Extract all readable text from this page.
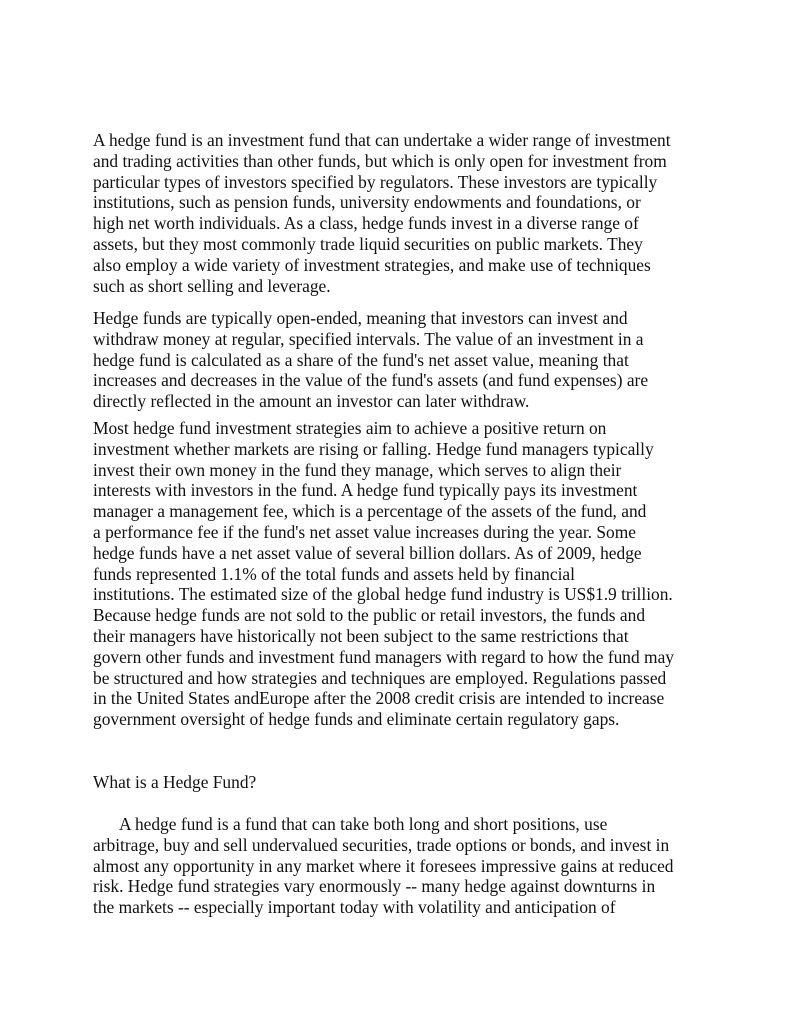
A hedge fund is an investment fund that can undertake a wider range of investment
and trading activities than other funds, but which is only open for investment from
particular types of investors specified by regulators. These investors are typically
institutions, such as pension funds, university endowments and foundations, or
high net worth individuals. As a class, hedge funds invest in a diverse range of
assets, but they most commonly trade liquid securities on public markets. They
also employ a wide variety of investment strategies, and make use of techniques
such as short selling and leverage.
Hedge funds are typically open-ended, meaning that investors can invest and
withdraw money at regular, specified intervals. The value of an investment in a
hedge fund is calculated as a share of the fund's net asset value, meaning that
increases and decreases in the value of the fund's assets (and fund expenses) are
directly reflected in the amount an investor can later withdraw.
Most hedge fund investment strategies aim to achieve a positive return on
investment whether markets are rising or falling. Hedge fund managers typically
invest their own money in the fund they manage, which serves to align their
interests with investors in the fund. A hedge fund typically pays its investment
manager a management fee, which is a percentage of the assets of the fund, and
a performance fee if the fund's net asset value increases during the year. Some
hedge funds have a net asset value of several billion dollars. As of 2009, hedge
funds represented 1.1% of the total funds and assets held by financial
institutions. The estimated size of the global hedge fund industry is US$1.9 trillion.
Because hedge funds are not sold to the public or retail investors, the funds and
their managers have historically not been subject to the same restrictions that
govern other funds and investment fund managers with regard to how the fund may
be structured and how strategies and techniques are employed. Regulations passed
in the United States andEurope after the 2008 credit crisis are intended to increase
government oversight of hedge funds and eliminate certain regulatory gaps.
What is a Hedge Fund?
A hedge fund is a fund that can take both long and short positions, use
arbitrage, buy and sell undervalued securities, trade options or bonds, and invest in
almost any opportunity in any market where it foresees impressive gains at reduced
risk. Hedge fund strategies vary enormously -- many hedge against downturns in
the markets -- especially important today with volatility and anticipation of
